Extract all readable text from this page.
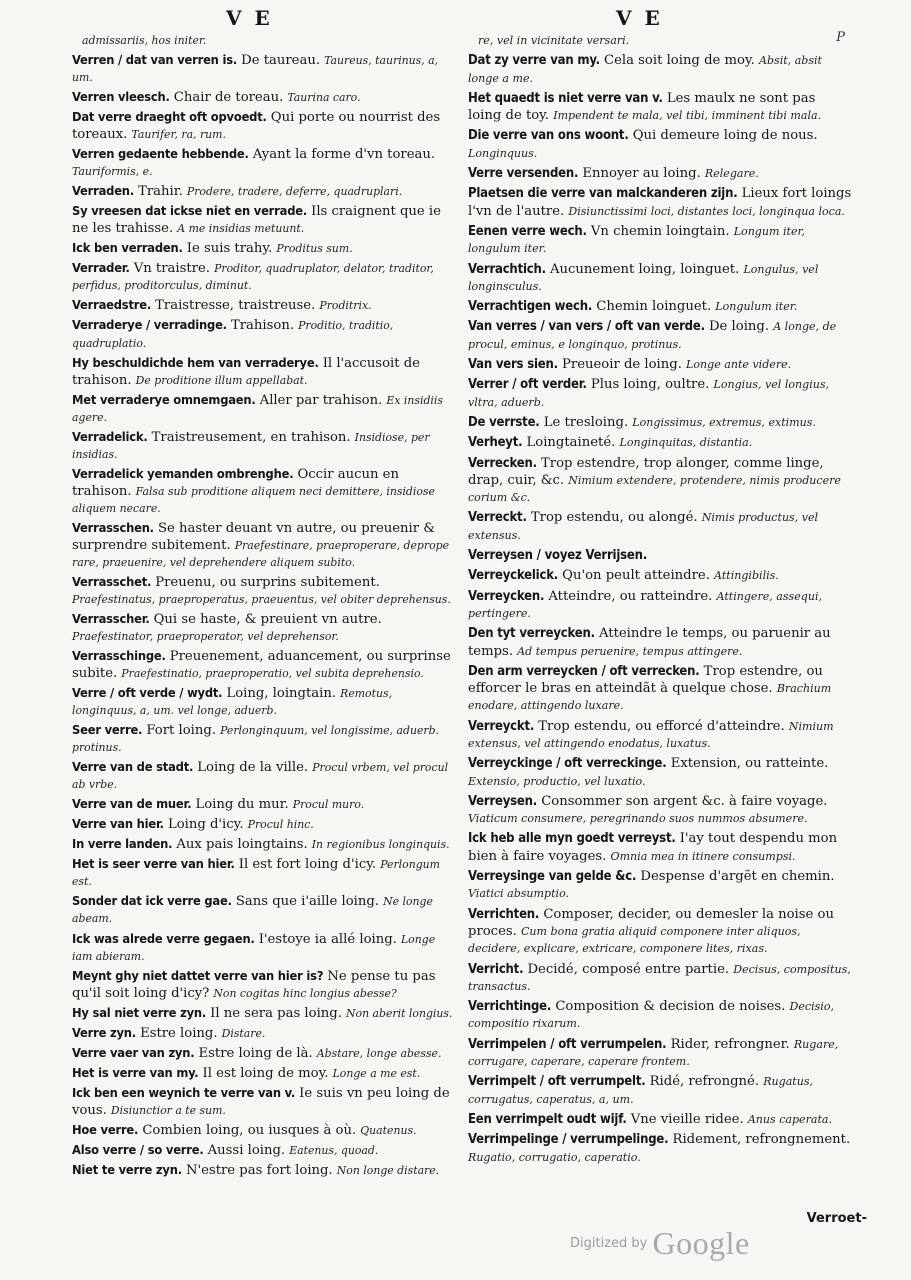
V E	V E
P
admissariis, hos initer.
Verren / dat van verren is. De taureau. Taureus, taurinus, a, um.
Verren vleesch. Chair de toreau. Taurina caro.
Dat verre draeght oft opvoedt. Qui porte ou nourrist des toreaux. Taurifer, ra, rum.
Verren gedaente hebbende. Ayant la forme d'vn toreau. Tauriformis, e.
Verraden. Trahir. Prodere, tradere, deferre, quadruplari.
Sy vreesen dat ickse niet en verrade. Ils craignent que ie ne les trahisse. A me insidias metuunt.
Ick ben verraden. Ie suis trahy. Proditus sum.
Verrader. Vn traistre. Proditor, quadruplator, delator, traditor, perfidus, proditorculus, diminut.
Verraedstre. Traistresse, traistreuse. Proditrix.
Verraderye / verradinge. Trahison. Proditio, traditio, quadruplatio.
Hy beschuldichde hem van verraderye. Il l'accusoit de trahison. De proditione illum appellabat.
Met verraderye omnemgaen. Aller par trahison. Ex insidiis agere.
Verradelick. Traistreusement, en trahison. Insidiose, per insidias.
Verradelick yemanden ombrenghe. Occir aucun en trahison. Falsa sub proditione aliquem neci demittere, insidiose aliquem necare.
Verrasschen. Se haster deuant vn autre, ou preuenir & surprendre subitement. Praefestinare, praeproperare, deprope rare, praeuenire, vel deprehendere aliquem subito.
Verrasschet. Preuenu, ou surprins subitement. Praefestinatus, praeproperatus, praeuentus, vel obiter deprehensus.
Verrasscher. Qui se haste, & preuient vn autre. Praefestinator, praeproperator, vel deprehensor.
Verrasschinge. Preuenement, aduancement, ou surprinse subite. Praefestinatio, praeproperatio, vel subita deprehensio.
Verre / oft verde / wydt. Loing, loingtain. Remotus, longinquus, a, um. vel longe, aduerb.
Seer verre. Fort loing. Perlonginquum, vel longissime, aduerb. protinus.
Verre van de stadt. Loing de la ville. Procul vrbem, vel procul ab vrbe.
Verre van de muer. Loing du mur. Procul muro.
Verre van hier. Loing d'icy. Procul hinc.
In verre landen. Aux pais loingtains. In regionibus longinquis.
Het is seer verre van hier. Il est fort loing d'icy. Perlongum est.
Sonder dat ick verre gae. Sans que i'aille loing. Ne longe abeam.
Ick was alrede verre gegaen. I'estoye ia allé loing. Longe iam abieram.
Meynt ghy niet dattet verre van hier is? Ne pense tu pas qu'il soit loing d'icy? Non cogitas hinc longius abesse?
Hy sal niet verre zyn. Il ne sera pas loing. Non aberit longius.
Verre zyn. Estre loing. Distare.
Verre vaer van zyn. Estre loing de là. Abstare, longe abesse.
Het is verre van my. Il est loing de moy. Longe a me est.
Ick ben een weynich te verre van v. Ie suis vn peu loing de vous. Disiunctior a te sum.
Hoe verre. Combien loing, ou iusques à où. Quatenus.
Also verre / so verre. Aussi loing. Eatenus, quoad.
Niet te verre zyn. N'estre pas fort loing. Non longe distare.
re, vel in vicinitate versari.
Dat zy verre van my. Cela soit loing de moy. Absit, absit longe a me.
Het quaedt is niet verre van v. Les maulx ne sont pas loing de toy. Impendent te mala, vel tibi, imminent tibi mala.
Die verre van ons woont. Qui demeure loing de nous. Longinquus.
Verre versenden. Ennoyer au loing. Relegare.
Plaetsen die verre van malckanderen zijn. Lieux fort loings l'vn de l'autre. Disiunctissimi loci, distantes loci, longinqua loca.
Eenen verre wech. Vn chemin loingtain. Longum iter, longulum iter.
Verrachtich. Aucunement loing, loinguet. Longulus, vel longinsculus.
Verrachtigen wech. Chemin loinguet. Longulum iter.
Van verres / van vers / oft van verde. De loing. A longe, de procul, eminus, e longinquo, protinus.
Van vers sien. Preueoir de loing. Longe ante videre.
Verrer / oft verder. Plus loing, oultre. Longius, vel longius, vltra, aduerb.
De verrste. Le tresloing. Longissimus, extremus, extimus.
Verheyt. Loingtaineté. Longinquitas, distantia.
Verrecken. Trop estendre, trop alonger, comme linge, drap, cuir, &c. Nimium extendere, protendere, nimis producere corium &c.
Verreckt. Trop estendu, ou alongé. Nimis productus, vel extensus.
Verreysen / voyez Verrijsen.
Verreyckelick. Qu'on peult atteindre. Attingibilis.
Verreycken. Atteindre, ou ratteindre. Attingere, assequi, pertingere.
Den tyt verreycken. Atteindre le temps, ou paruenir au temps. Ad tempus peruenire, tempus attingere.
Den arm verreycken / oft verrecken. Trop estendre, ou efforcer le bras en atteindãt à quelque chose. Brachium enodare, attingendo luxare.
Verreyckt. Trop estendu, ou efforcé d'atteindre. Nimium extensus, vel attingendo enodatus, luxatus.
Verreyckinge / oft verreckinge. Extension, ou ratteinte. Extensio, productio, vel luxatio.
Verreysen. Consommer son argent &c. à faire voyage. Viaticum consumere, peregrinando suos nummos absumere.
Ick heb alle myn goedt verreyst. I'ay tout despendu mon bien à faire voyages. Omnia mea in itinere consumpsi.
Verreysinge van gelde &c. Despense d'argẽt en chemin. Viatici absumptio.
Verrichten. Composer, decider, ou demesler la noise ou proces. Cum bona gratia aliquid componere inter aliquos, decidere, explicare, extricare, componere lites, rixas.
Verricht. Decidé, composé entre partie. Decisus, compositus, transactus.
Verrichtinge. Composition & decision de noises. Decisio, compositio rixarum.
Verrimpelen / oft verrumpelen. Rider, refrongner. Rugare, corrugare, caperare, caperare frontem.
Verrimpelt / oft verrumpelt. Ridé, refrongné. Rugatus, corrugatus, caperatus, a, um.
Een verrimpelt oudt wijf. Vne vieille ridee. Anus caperata.
Verrimpelinge / verrumpelinge. Ridement, refrongnement. Rugatio, corrugatio, caperatio.
Verroet-
Digitized by Google
